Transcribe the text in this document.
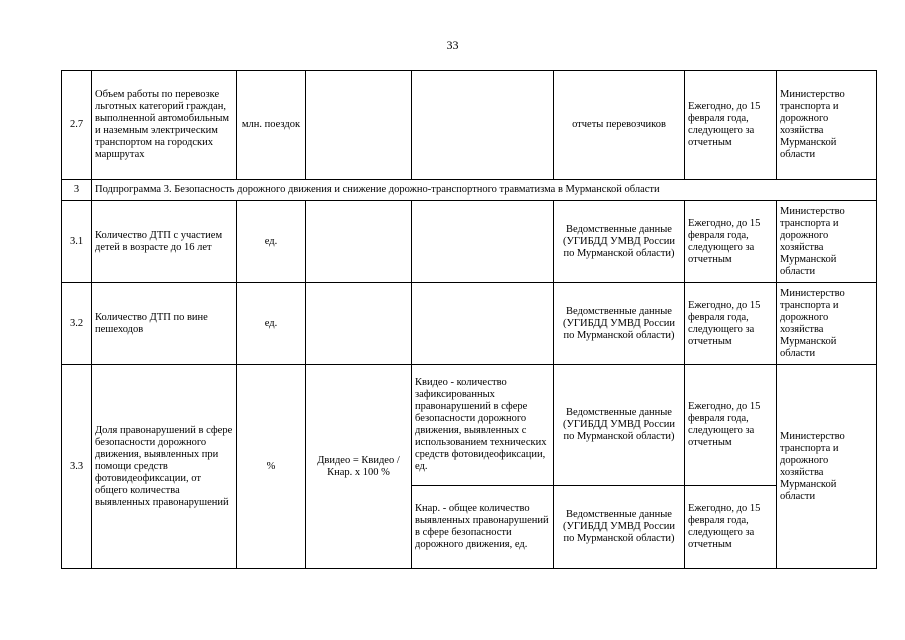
33
2.7	Объем работы по перевозке льготных категорий граждан, выполненной автомобильным и наземным электрическим транспортом на городских маршрутах	млн. поездок			отчеты перевозчиков	Ежегодно, до 15 февраля года, следующего за отчетным	Министерство транспорта и дорожного хозяйства Мурманской области
3	Подпрограмма 3. Безопасность дорожного движения и снижение дорожно-транспортного травматизма в Мурманской области						
3.1	Количество ДТП с участием детей в возрасте до 16 лет	ед.			Ведомственные данные (УГИБДД УМВД России по Мурманской области)	Ежегодно, до 15 февраля года, следующего за отчетным	Министерство транспорта и дорожного хозяйства Мурманской области
3.2	Количество ДТП по вине пешеходов	ед.			Ведомственные данные (УГИБДД УМВД России по Мурманской области)	Ежегодно, до 15 февраля года, следующего за отчетным	Министерство транспорта и дорожного хозяйства Мурманской области
3.3	Доля правонарушений в сфере безопасности дорожного движения, выявленных при помощи средств фотовидеофиксации, от общего количества выявленных правонарушений	%	Двидео = Квидео / Кнар. х 100 %	Квидео - количество зафиксированных правонарушений в сфере безопасности дорожного движения, выявленных с использованием технических средств фотовидеофиксации, ед.	Ведомственные данные (УГИБДД УМВД России по Мурманской области)	Ежегодно, до 15 февраля года, следующего за отчетным	Министерство транспорта и дорожного хозяйства Мурманской области
				Кнар. - общее количество выявленных правонарушений в сфере безопасности дорожного движения, ед.	Ведомственные данные (УГИБДД УМВД России по Мурманской области)	Ежегодно, до 15 февраля года, следующего за отчетным	
